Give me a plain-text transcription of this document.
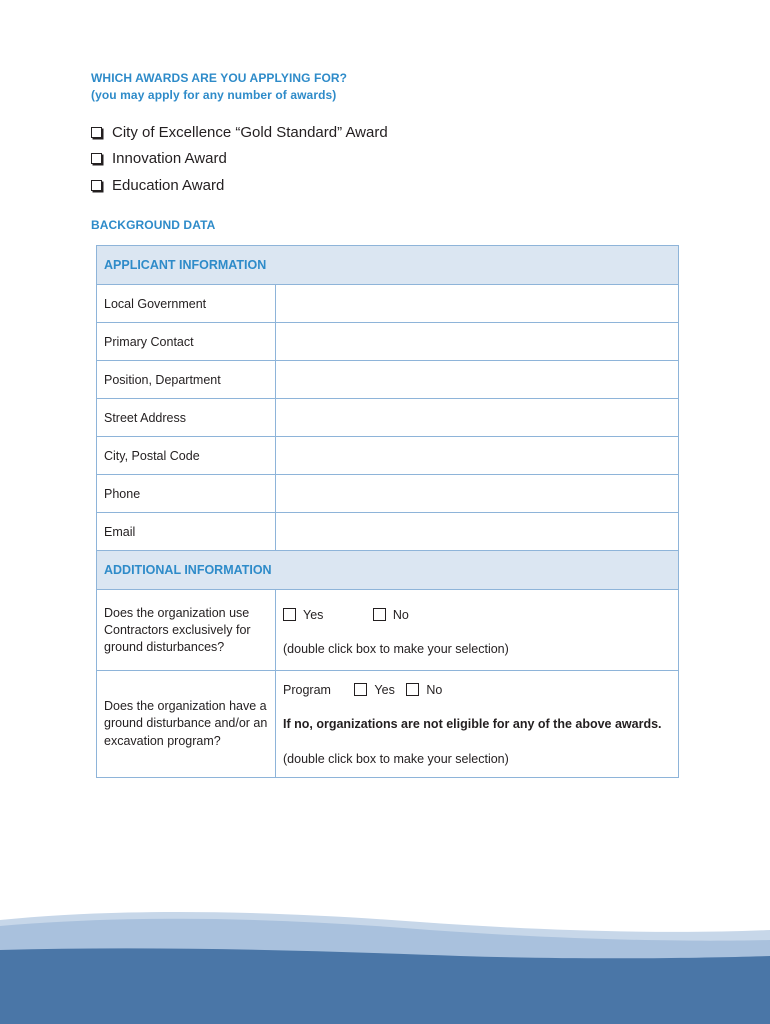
WHICH AWARDS ARE YOU APPLYING FOR?
(you may apply for any number of awards)
City of Excellence “Gold Standard” Award
Innovation Award
Education Award
BACKGROUND DATA
APPLICANT INFORMATION	
Local Government	
Primary Contact	
Position, Department	
Street Address	
City, Postal Code	
Phone	
Email	
ADDITIONAL INFORMATION	
Does the organization use Contractors exclusively for ground disturbances?	Yes No
(double click box to make your selection)

Does the organization have a ground disturbance and/or an excavation program?	Program Yes No
If no, organizations are not eligible for any of the above awards.
(double click box to make your selection)
